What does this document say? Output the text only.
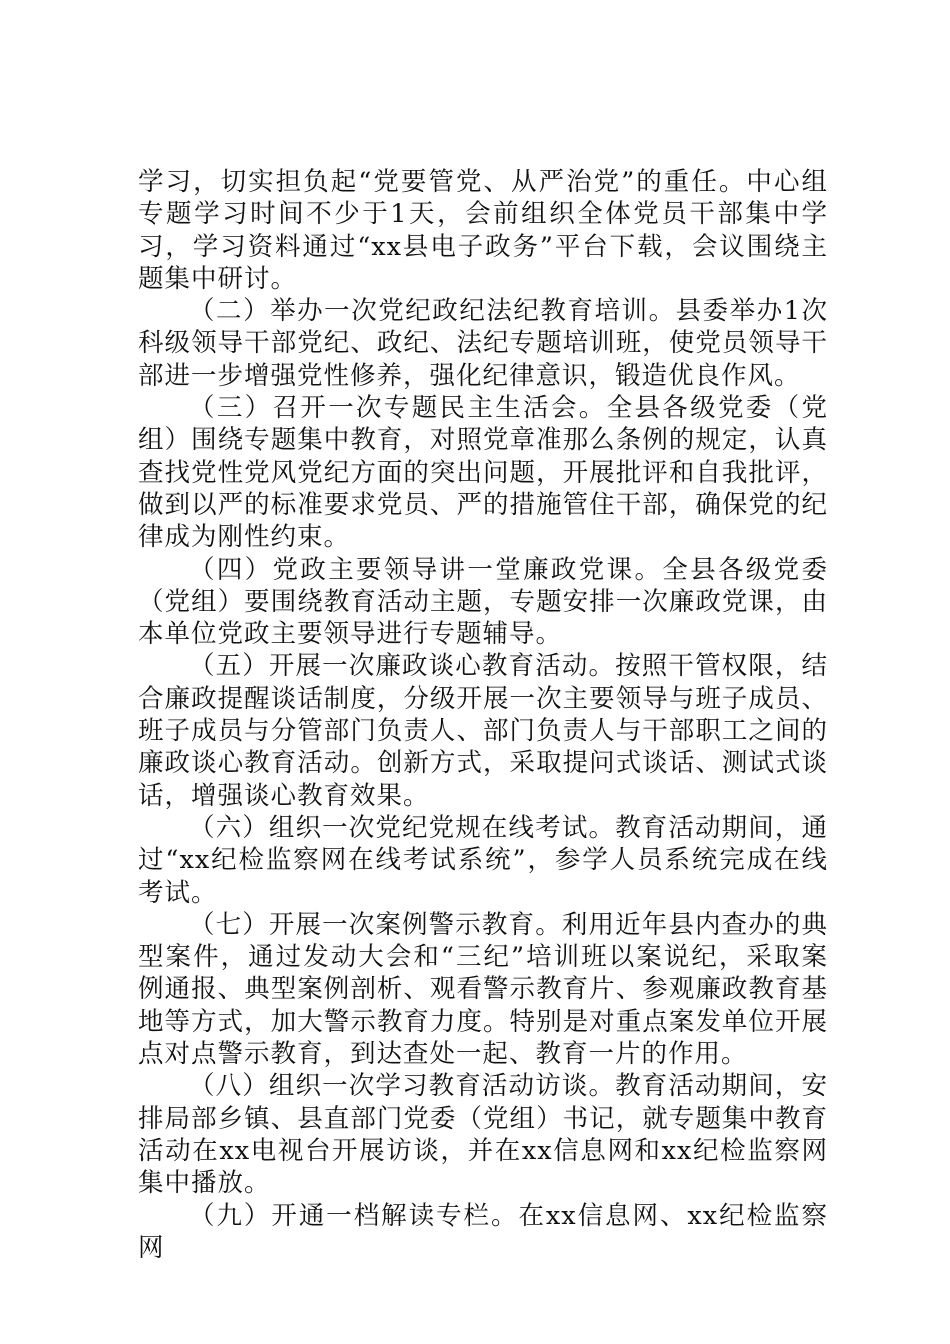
学习，切实担负起“党要管党、从严治党”的重任。中心组专题学习时间不少于1天，会前组织全体党员干部集中学习，学习资料通过“xx县电子政务”平台下载，会议围绕主题集中研讨。

（二）举办一次党纪政纪法纪教育培训。县委举办1次科级领导干部党纪、政纪、法纪专题培训班，使党员领导干部进一步增强党性修养，强化纪律意识，锻造优良作风。

（三）召开一次专题民主生活会。全县各级党委（党组）围绕专题集中教育，对照党章准那么条例的规定，认真查找党性党风党纪方面的突出问题，开展批评和自我批评，做到以严的标准要求党员、严的措施管住干部，确保党的纪律成为刚性约束。

（四）党政主要领导讲一堂廉政党课。全县各级党委（党组）要围绕教育活动主题，专题安排一次廉政党课，由本单位党政主要领导进行专题辅导。

（五）开展一次廉政谈心教育活动。按照干管权限，结合廉政提醒谈话制度，分级开展一次主要领导与班子成员、班子成员与分管部门负责人、部门负责人与干部职工之间的廉政谈心教育活动。创新方式，采取提问式谈话、测试式谈话，增强谈心教育效果。

（六）组织一次党纪党规在线考试。教育活动期间，通过“xx纪检监察网在线考试系统”，参学人员系统完成在线考试。

（七）开展一次案例警示教育。利用近年县内查办的典型案件，通过发动大会和“三纪”培训班以案说纪，采取案例通报、典型案例剖析、观看警示教育片、参观廉政教育基地等方式，加大警示教育力度。特别是对重点案发单位开展点对点警示教育，到达查处一起、教育一片的作用。

（八）组织一次学习教育活动访谈。教育活动期间，安排局部乡镇、县直部门党委（党组）书记，就专题集中教育活动在xx电视台开展访谈，并在xx信息网和xx纪检监察网集中播放。

（九）开通一档解读专栏。在xx信息网、xx纪检监察网
